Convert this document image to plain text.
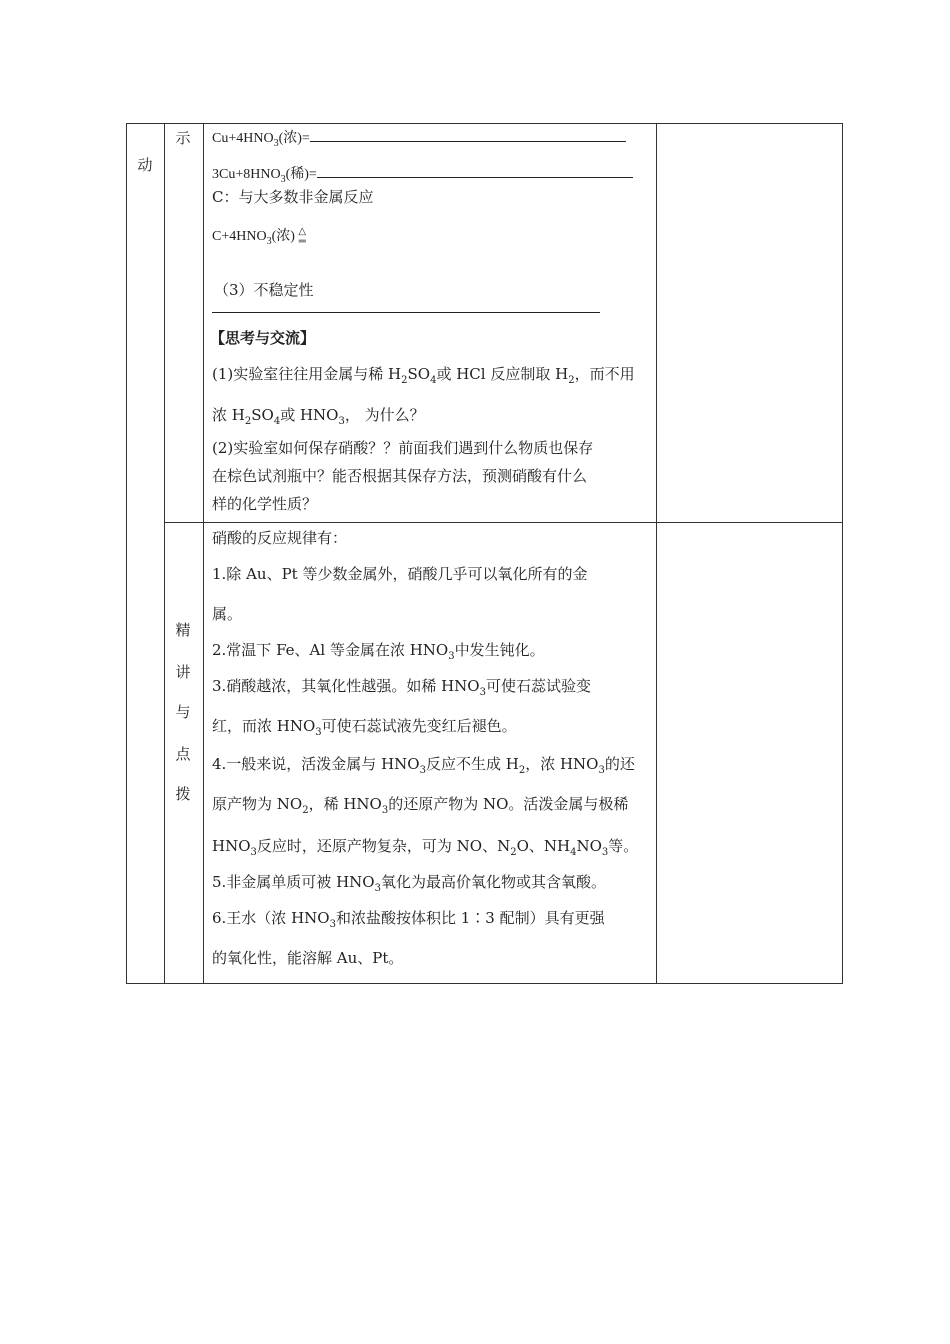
动
示
精
讲
与
点
拨
$Cu+4HNO_3$(浓)=
$3Cu+8HNO_3$(稀)=
C：与大多数非金属反应
$C+4HNO_3$(浓) △
═
（3）不稳定性
【思考与交流】
(1)实验室往往用金属与稀 $H_2SO_4$或 HCl 反应制取 $H_2$，而不用
浓 $H_2SO_4$或 $HNO_3$， 为什么？
(2)实验室如何保存硝酸？？前面我们遇到什么物质也保存
在棕色试剂瓶中？能否根据其保存方法，预测硝酸有什么
样的化学性质？
硝酸的反应规律有：
1.除 Au、Pt 等少数金属外，硝酸几乎可以氧化所有的金
属。
2.常温下 Fe、Al 等金属在浓 $HNO_3$中发生钝化。
3.硝酸越浓，其氧化性越强。如稀 $HNO_3$可使石蕊试验变
红，而浓 $HNO_3$可使石蕊试液先变红后褪色。
4.一般来说，活泼金属与 $HNO_3$反应不生成 $H_2$，浓 $HNO_3$的还
原产物为 $NO_2$，稀 $HNO_3$的还原产物为 NO。活泼金属与极稀
$HNO_3$反应时，还原产物复杂，可为 NO、$N_2O$、$NH_4NO_3$等。
5.非金属单质可被 $HNO_3$氧化为最高价氧化物或其含氧酸。
6.王水（浓 $HNO_3$和浓盐酸按体积比 1∶3 配制）具有更强
的氧化性，能溶解 Au、Pt。
